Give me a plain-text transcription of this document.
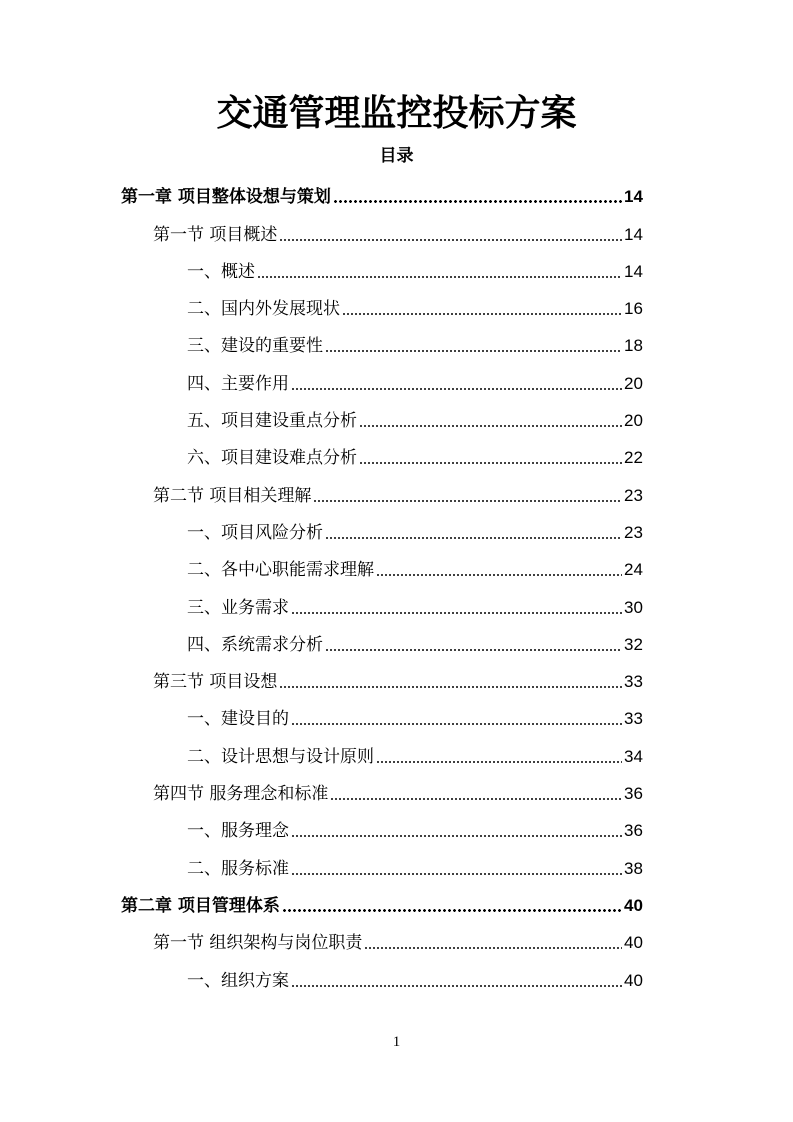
交通管理监控投标方案
目录
第一章 项目整体设想与策划	14
第一节 项目概述	14
一、概述	14
二、国内外发展现状	16
三、建设的重要性	18
四、主要作用	20
五、项目建设重点分析	20
六、项目建设难点分析	22
第二节 项目相关理解	23
一、项目风险分析	23
二、各中心职能需求理解	24
三、业务需求	30
四、系统需求分析	32
第三节 项目设想	33
一、建设目的	33
二、设计思想与设计原则	34
第四节 服务理念和标准	36
一、服务理念	36
二、服务标准	38
第二章 项目管理体系	40
第一节 组织架构与岗位职责	40
一、组织方案	40
1
